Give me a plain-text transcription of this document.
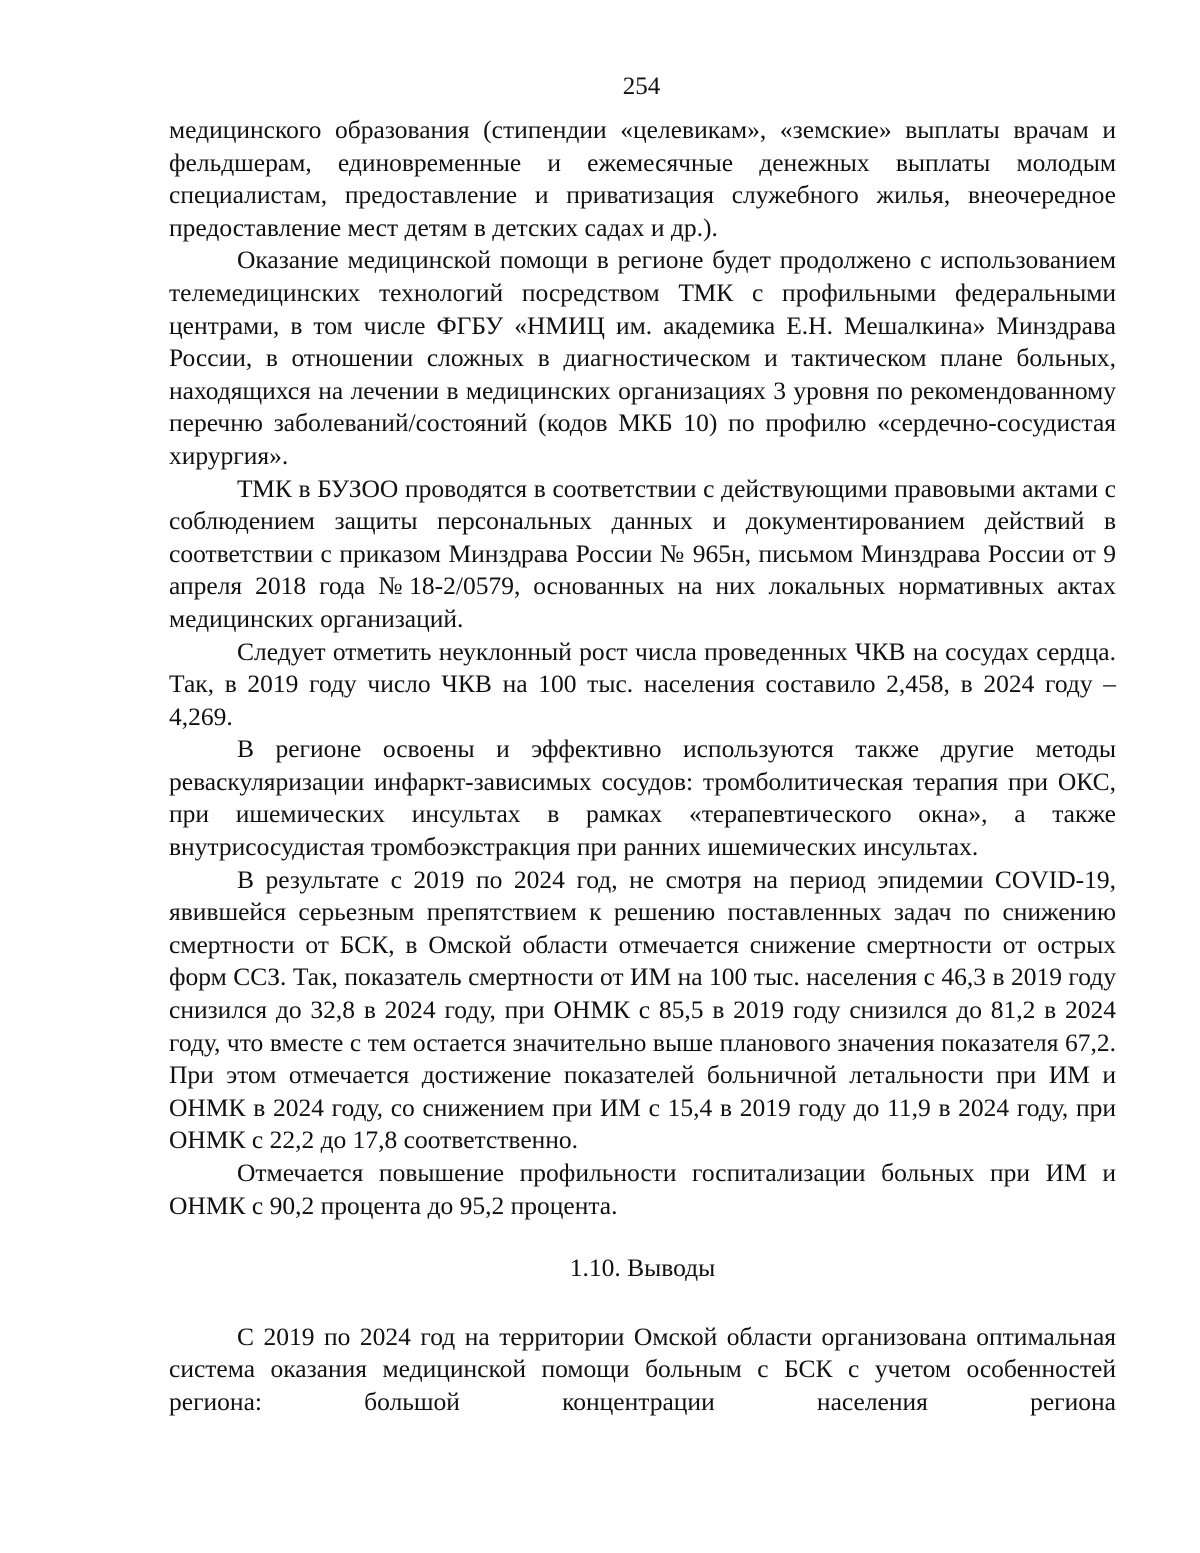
254

медицинского образования (стипендии «целевикам», «земские» выплаты врачам и фельдшерам, единовременные и ежемесячные денежных выплаты молодым специалистам, предоставление и приватизация служебного жилья, внеочередное предоставление мест детям в детских садах и др.).

Оказание медицинской помощи в регионе будет продолжено с использованием телемедицинских технологий посредством ТМК с профильными федеральными центрами, в том числе ФГБУ «НМИЦ им. академика Е.Н. Мешалкина» Минздрава России, в отношении сложных в диагностическом и тактическом плане больных, находящихся на лечении в медицинских организациях 3 уровня по рекомендованному перечню заболеваний/состояний (кодов МКБ 10) по профилю «сердечно-сосудистая хирургия».

ТМК в БУЗОО проводятся в соответствии с действующими правовыми актами с соблюдением защиты персональных данных и документированием действий в соответствии с приказом Минздрава России № 965н, письмом Минздрава России от 9 апреля 2018 года №18-2/0579, основанных на них локальных нормативных актах медицинских организаций.

Следует отметить неуклонный рост числа проведенных ЧКВ на сосудах сердца. Так, в 2019 году число ЧКВ на 100 тыс. населения составило 2,458, в 2024 году – 4,269.

В регионе освоены и эффективно используются также другие методы реваскуляризации инфаркт-зависимых сосудов: тромболитическая терапия при ОКС, при ишемических инсультах в рамках «терапевтического окна», а также внутрисосудистая тромбоэкстракция при ранних ишемических инсультах.

В результате с 2019 по 2024 год, не смотря на период эпидемии COVID-19, явившейся серьезным препятствием к решению поставленных задач по снижению смертности от БСК, в Омской области отмечается снижение смертности от острых форм ССЗ. Так, показатель смертности от ИМ на 100 тыс. населения с 46,3 в 2019 году снизился до 32,8 в 2024 году, при ОНМК с 85,5 в 2019 году снизился до 81,2 в 2024 году, что вместе с тем остается значительно выше планового значения показателя 67,2. При этом отмечается достижение показателей больничной летальности при ИМ и ОНМК в 2024 году, со снижением при ИМ с 15,4 в 2019 году до 11,9 в 2024 году, при ОНМК с 22,2 до 17,8 соответственно.

Отмечается повышение профильности госпитализации больных при ИМ и ОНМК с 90,2 процента до 95,2 процента.

1.10. Выводы

С 2019 по 2024 год на территории Омской области организована оптимальная система оказания медицинской помощи больным с БСК с учетом особенностей региона: большой концентрации населения региона
